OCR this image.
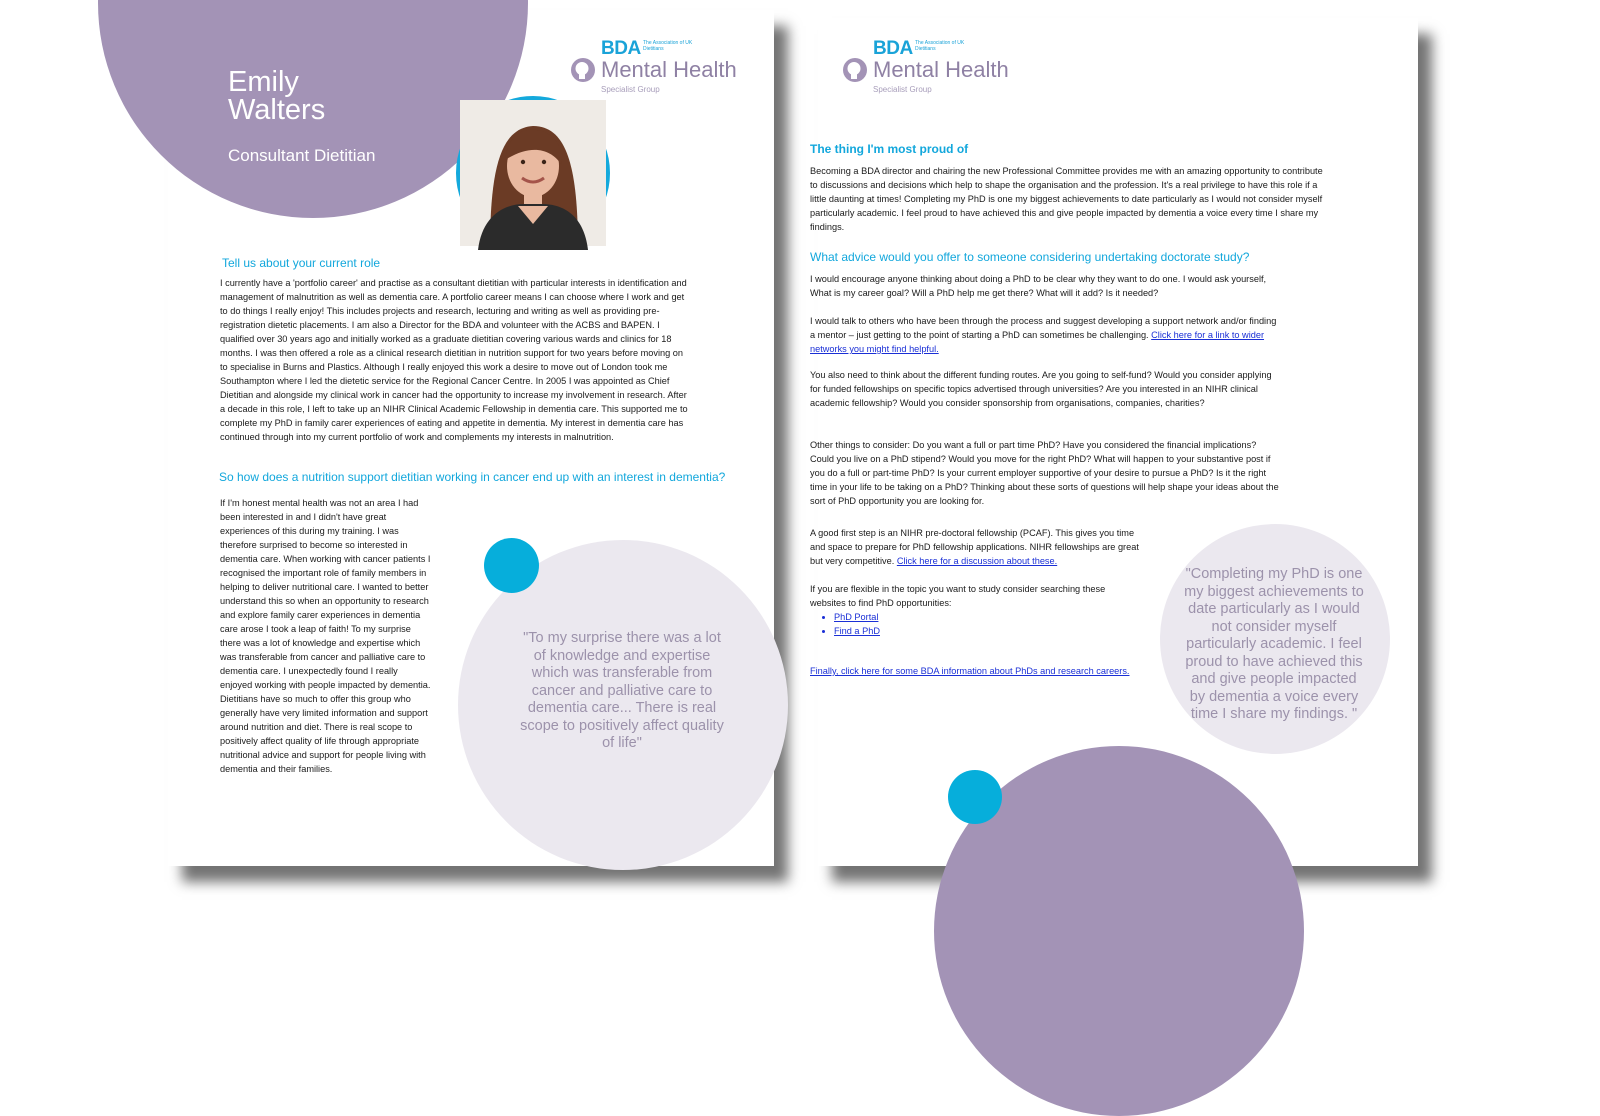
BDA The Association of UK Dietitians
Mental Health
Specialist Group
Emily
Walters
Consultant Dietitian
Tell us about your current role

I currently have a 'portfolio career' and practise as a consultant dietitian with particular interests in identification and management of malnutrition as well as dementia care. A portfolio career means I can choose where I work and get to do things I really enjoy! This includes projects and research, lecturing and writing as well as providing pre-registration dietetic placements. I am also a Director for the BDA and volunteer with the ACBS and BAPEN. I qualified over 30 years ago and initially worked as a graduate dietitian covering various wards and clinics for 18 months. I was then offered a role as a clinical research dietitian in nutrition support for two years before moving on to specialise in Burns and Plastics. Although I really enjoyed this work a desire to move out of London took me Southampton where I led the dietetic service for the Regional Cancer Centre. In 2005 I was appointed as Chief Dietitian and alongside my clinical work in cancer had the opportunity to increase my involvement in research. After a decade in this role, I left to take up an NIHR Clinical Academic Fellowship in dementia care. This supported me to complete my PhD in family carer experiences of eating and appetite in dementia. My interest in dementia care has continued through into my current portfolio of work and complements my interests in malnutrition.

So how does a nutrition support dietitian working in cancer end up with an interest in dementia?

If I'm honest mental health was not an area I had been interested in and I didn't have great experiences of this during my training. I was therefore surprised to become so interested in dementia care. When working with cancer patients I recognised the important role of family members in helping to deliver nutritional care. I wanted to better understand this so when an opportunity to research and explore family carer experiences in dementia care arose I took a leap of faith! To my surprise there was a lot of knowledge and expertise which was transferable from cancer and palliative care to dementia care. I unexpectedly found I really enjoyed working with people impacted by dementia. Dietitians have so much to offer this group who generally have very limited information and support around nutrition and diet. There is real scope to positively affect quality of life through appropriate nutritional advice and support for people living with dementia and their families.

"To my surprise there was a lot of knowledge and expertise which was transferable from cancer and palliative care to dementia care... There is real scope to positively affect quality of life"
BDA The Association of UK Dietitians
Mental Health
Specialist Group
The thing I'm most proud of

Becoming a BDA director and chairing the new Professional Committee provides me with an amazing opportunity to contribute to discussions and decisions which help to shape the organisation and the profession. It's a real privilege to have this role if a little daunting at times! Completing my PhD is one my biggest achievements to date particularly as I would not consider myself particularly academic. I feel proud to have achieved this and give people impacted by dementia a voice every time I share my findings.

What advice would you offer to someone considering undertaking doctorate study?

I would encourage anyone thinking about doing a PhD to be clear why they want to do one. I would ask yourself, What is my career goal? Will a PhD help me get there? What will it add? Is it needed?

I would talk to others who have been through the process and suggest developing a support network and/or finding a mentor – just getting to the point of starting a PhD can sometimes be challenging. Click here for a link to wider networks you might find helpful.

You also need to think about the different funding routes. Are you going to self-fund? Would you consider applying for funded fellowships on specific topics advertised through universities? Are you interested in an NIHR clinical academic fellowship? Would you consider sponsorship from organisations, companies, charities?

Other things to consider: Do you want a full or part time PhD? Have you considered the financial implications? Could you live on a PhD stipend? Would you move for the right PhD? What will happen to your substantive post if you do a full or part-time PhD? Is your current employer supportive of your desire to pursue a PhD? Is it the right time in your life to be taking on a PhD? Thinking about these sorts of questions will help shape your ideas about the sort of PhD opportunity you are looking for.

A good first step is an NIHR pre-doctoral fellowship (PCAF). This gives you time and space to prepare for PhD fellowship applications. NIHR fellowships are great but very competitive. Click here for a discussion about these.

If you are flexible in the topic you want to study consider searching these websites to find PhD opportunities:

• PhD Portal
• Find a PhD

Finally, click here for some BDA information about PhDs and research careers.

"Completing my PhD is one my biggest achievements to date particularly as I would not consider myself particularly academic. I feel proud to have achieved this and give people impacted by dementia a voice every time I share my findings. "
